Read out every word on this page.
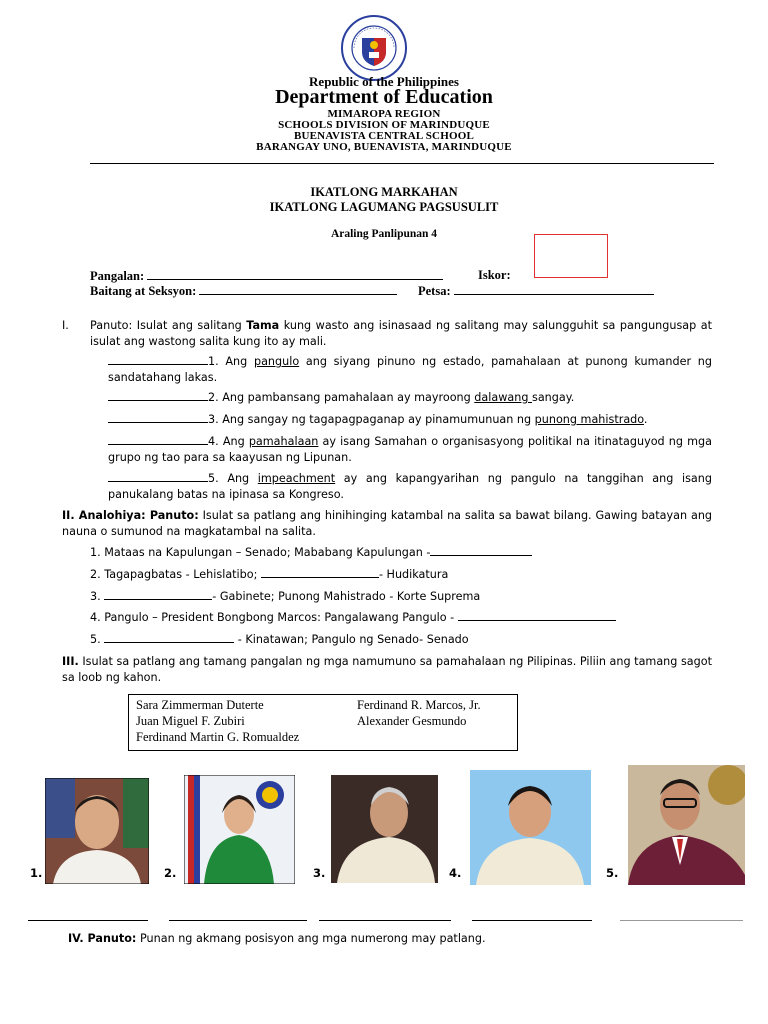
Republic of the Philippines
Department of Education
MIMAROPA REGION
SCHOOLS DIVISION OF MARINDUQUE
BUENAVISTA CENTRAL SCHOOL
BARANGAY UNO, BUENAVISTA, MARINDUQUE
IKATLONG MARKAHAN
IKATLONG LAGUMANG PAGSUSULIT
Araling Panlipunan 4
Pangalan:	Iskor:
Baitang at Seksyon:	Petsa:
I. Panuto: Isulat ang salitang Tama kung wasto ang isinasaad ng salitang may salungguhit sa pangungusap at isulat ang wastong salita kung ito ay mali.
1. Ang pangulo ang siyang pinuno ng estado, pamahalaan at punong kumander ng sandatahang lakas.
2. Ang pambansang pamahalaan ay mayroong dalawang sangay.
3. Ang sangay ng tagapagpaganap ay pinamumunuan ng punong mahistrado.
4. Ang pamahalaan ay isang Samahan o organisasyong politikal na itinataguyod ng mga grupo ng tao para sa kaayusan ng Lipunan.
5. Ang impeachment ay ang kapangyarihan ng pangulo na tanggihan ang isang panukalang batas na ipinasa sa Kongreso.
II. Analohiya: Panuto: Isulat sa patlang ang hinihinging katambal na salita sa bawat bilang. Gawing batayan ang nauna o sumunod na magkatambal na salita.
1. Mataas na Kapulungan – Senado; Mababang Kapulungan -
2. Tagapagbatas - Lehislatibo;	- Hudikatura
3.	- Gabinete; Punong Mahistrado - Korte Suprema
4. Pangulo – President Bongbong Marcos: Pangalawang Pangulo -
5.	- Kinatawan; Pangulo ng Senado- Senado
III. Isulat sa patlang ang tamang pangalan ng mga namumuno sa pamahalaan ng Pilipinas. Piliin ang tamang sagot sa loob ng kahon.
Sara Zimmerman Duterte
Juan Miguel F. Zubiri
Ferdinand Martin G. Romualdez
Ferdinand R. Marcos, Jr.
Alexander Gesmundo
1.	2.	3.	4.	5.
IV. Panuto: Punan ng akmang posisyon ang mga numerong may patlang.
